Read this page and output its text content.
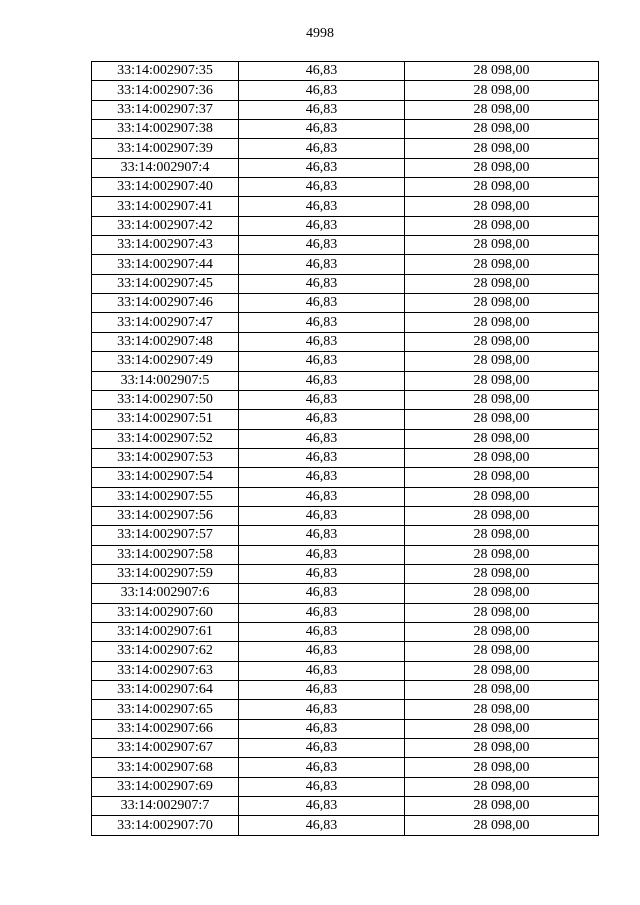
4998
33:14:002907:35	46,83	28 098,00
33:14:002907:36	46,83	28 098,00
33:14:002907:37	46,83	28 098,00
33:14:002907:38	46,83	28 098,00
33:14:002907:39	46,83	28 098,00
33:14:002907:4	46,83	28 098,00
33:14:002907:40	46,83	28 098,00
33:14:002907:41	46,83	28 098,00
33:14:002907:42	46,83	28 098,00
33:14:002907:43	46,83	28 098,00
33:14:002907:44	46,83	28 098,00
33:14:002907:45	46,83	28 098,00
33:14:002907:46	46,83	28 098,00
33:14:002907:47	46,83	28 098,00
33:14:002907:48	46,83	28 098,00
33:14:002907:49	46,83	28 098,00
33:14:002907:5	46,83	28 098,00
33:14:002907:50	46,83	28 098,00
33:14:002907:51	46,83	28 098,00
33:14:002907:52	46,83	28 098,00
33:14:002907:53	46,83	28 098,00
33:14:002907:54	46,83	28 098,00
33:14:002907:55	46,83	28 098,00
33:14:002907:56	46,83	28 098,00
33:14:002907:57	46,83	28 098,00
33:14:002907:58	46,83	28 098,00
33:14:002907:59	46,83	28 098,00
33:14:002907:6	46,83	28 098,00
33:14:002907:60	46,83	28 098,00
33:14:002907:61	46,83	28 098,00
33:14:002907:62	46,83	28 098,00
33:14:002907:63	46,83	28 098,00
33:14:002907:64	46,83	28 098,00
33:14:002907:65	46,83	28 098,00
33:14:002907:66	46,83	28 098,00
33:14:002907:67	46,83	28 098,00
33:14:002907:68	46,83	28 098,00
33:14:002907:69	46,83	28 098,00
33:14:002907:7	46,83	28 098,00
33:14:002907:70	46,83	28 098,00
